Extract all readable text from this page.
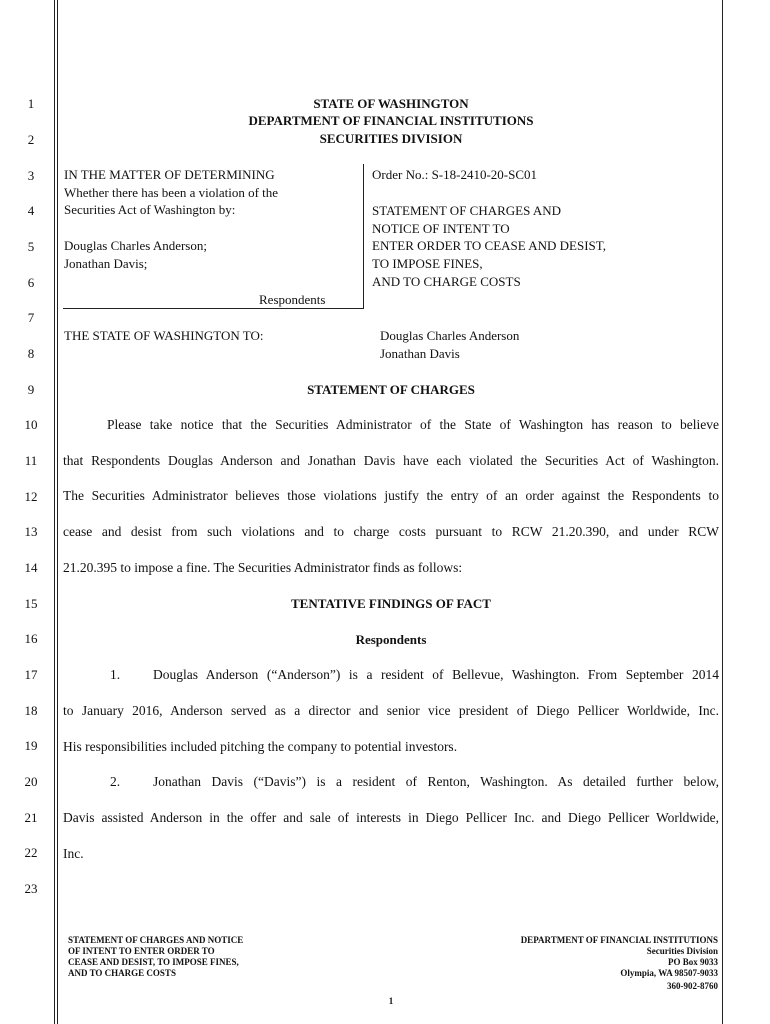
1
2
3
4
5
6
7
8
9
10
11
12
13
14
15
16
17
18
19
20
21
22
23
STATE OF WASHINGTON
DEPARTMENT OF FINANCIAL INSTITUTIONS
SECURITIES DIVISION
IN THE MATTER OF DETERMINING
Whether there has been a violation of the
Securities Act of Washington by:
Douglas Charles Anderson;
Jonathan Davis;
Respondents
Order No.: S-18-2410-20-SC01
STATEMENT OF CHARGES AND
NOTICE OF INTENT TO
ENTER ORDER TO CEASE AND DESIST,
TO IMPOSE FINES,
AND TO CHARGE COSTS
THE STATE OF WASHINGTON TO:	Douglas Charles Anderson
Jonathan Davis
STATEMENT OF CHARGES
Please take notice that the Securities Administrator of the State of Washington has reason to believe
that Respondents Douglas Anderson and Jonathan Davis have each violated the Securities Act of Washington.
The Securities Administrator believes those violations justify the entry of an order against the Respondents to
cease and desist from such violations and to charge costs pursuant to RCW 21.20.390, and under RCW
21.20.395 to impose a fine. The Securities Administrator finds as follows:
TENTATIVE FINDINGS OF FACT
Respondents
1. Douglas Anderson (“Anderson”) is a resident of Bellevue, Washington. From September 2014
to January 2016, Anderson served as a director and senior vice president of Diego Pellicer Worldwide, Inc.
His responsibilities included pitching the company to potential investors.
2. Jonathan Davis (“Davis”) is a resident of Renton, Washington. As detailed further below,
Davis assisted Anderson in the offer and sale of interests in Diego Pellicer Inc. and Diego Pellicer Worldwide,
Inc.
STATEMENT OF CHARGES AND NOTICE
OF INTENT TO ENTER ORDER TO
CEASE AND DESIST, TO IMPOSE FINES,
AND TO CHARGE COSTS
DEPARTMENT OF FINANCIAL INSTITUTIONS
Securities Division
PO Box 9033
Olympia, WA 98507-9033
360-902-8760
1
